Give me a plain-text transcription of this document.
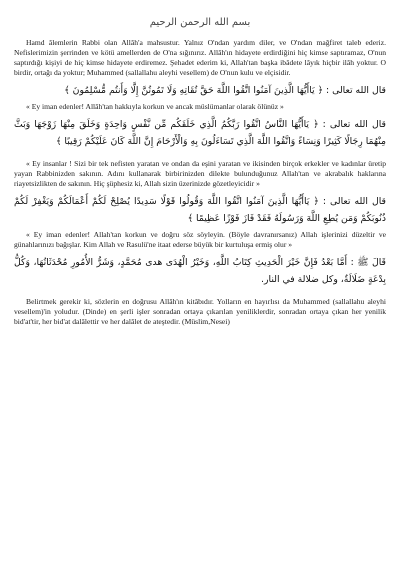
بسم الله الرحمن الرحيم

Hamd âlemlerin Rabbi olan Allâh'a mahsustur. Yalnız O'ndan yardım diler, ve O'ndan mağfiret taleb ederiz. Nefislerimizin şerrinden ve kötü amellerden de O'na sığınırız. Allâh'ın hidayete erdirdiğini hiç kimse saptıramaz, O'nun saptırdığı kişiyi de hiç kimse hidayete erdiremez. Şehadet ederim ki, Allah'tan başka ibâdete lâyık hiçbir ilâh yoktur. O birdir, ortağı da yoktur; Muhammed (sallallahu aleyhi vesellem) de O'nun kulu ve elçisidir.

قال الله تعالى : ﴿ يَاأَيُّهَا الَّذِينَ آمَنُوا اتَّقُوا اللَّهَ حَقَّ تُقَاتِهِ وَلَا تَمُوتُنَّ إِلَّا وَأَنتُم مُّسْلِمُونَ ﴾

« Ey iman edenler! Allâh'tan hakkıyla korkun ve ancak müslümanlar olarak ölünüz »

قال الله تعالى : ﴿ يَاأَيُّهَا النَّاسُ اتَّقُوا رَبَّكُمُ الَّذِي خَلَقَكُم مِّن نَّفْسٍ وَاحِدَةٍ وَخَلَقَ مِنْهَا زَوْجَهَا وَبَثَّ مِنْهُمَا رِجَالًا كَثِيرًا وَنِسَاءً وَاتَّقُوا اللَّهَ الَّذِي تَسَاءَلُونَ بِهِ وَالْأَرْحَامَ إِنَّ اللَّهَ كَانَ عَلَيْكُمْ رَقِيبًا ﴾

« Ey insanlar ! Sizi bir tek nefisten yaratan ve ondan da eşini yaratan ve ikisinden birçok erkekler ve kadınlar üretip yayan Rabbinizden sakının. Adını kullanarak birbirinizden dilekte bulunduğunuz Allah'tan ve akrabalık haklarına riayetsizlikten de sakının. Hiç şüphesiz ki, Allah sizin üzerinizde gözetleyicidir »

قال الله تعالى : ﴿ يَاأَيُّهَا الَّذِينَ آمَنُوا اتَّقُوا اللَّهَ وَقُولُوا قَوْلًا سَدِيدًا يُصْلِحْ لَكُمْ أَعْمَالَكُمْ وَيَغْفِرْ لَكُمْ ذُنُوبَكُمْ وَمَن يُطِعِ اللَّهَ وَرَسُولَهُ فَقَدْ فَازَ فَوْزًا عَظِيمًا ﴾

« Ey iman edenler! Allah'tan korkun ve doğru söz söyleyin. (Böyle davranırsanız) Allah işlerinizi düzeltir ve günahlarınızı bağışlar. Kim Allah ve Rasulü'ne itaat ederse büyük bir kurtuluşa ermiş olur »

قَالَ ﷺ : أَمَّا بَعْدُ فَإِنَّ خَيْرَ الْحَدِيثِ كِتَابُ اللَّهِ، وَخَيْرُ الْهُدَى هدى مُحَمَّدٍ، وَشَرُّ الأُمُورِ مُحْدَثَاتُهَا، وَكُلُّ بِدْعَةٍ ضَلَالَةٌ، وكل ضلالة في النار.

Belirtmek gerekir ki, sözlerin en doğrusu Allâh'ın kitâbıdır. Yolların en hayırlısı da Muhammed (sallallahu aleyhi vesellem)'in yoludur. (Dinde) en şerli işler sonradan ortaya çıkarılan yeniliklerdir, sonradan ortaya çıkan her yenilik bid'at'tir, her bid'at dalâlettir ve her dalâlet de ateştedir. (Müslim,Nesei)
